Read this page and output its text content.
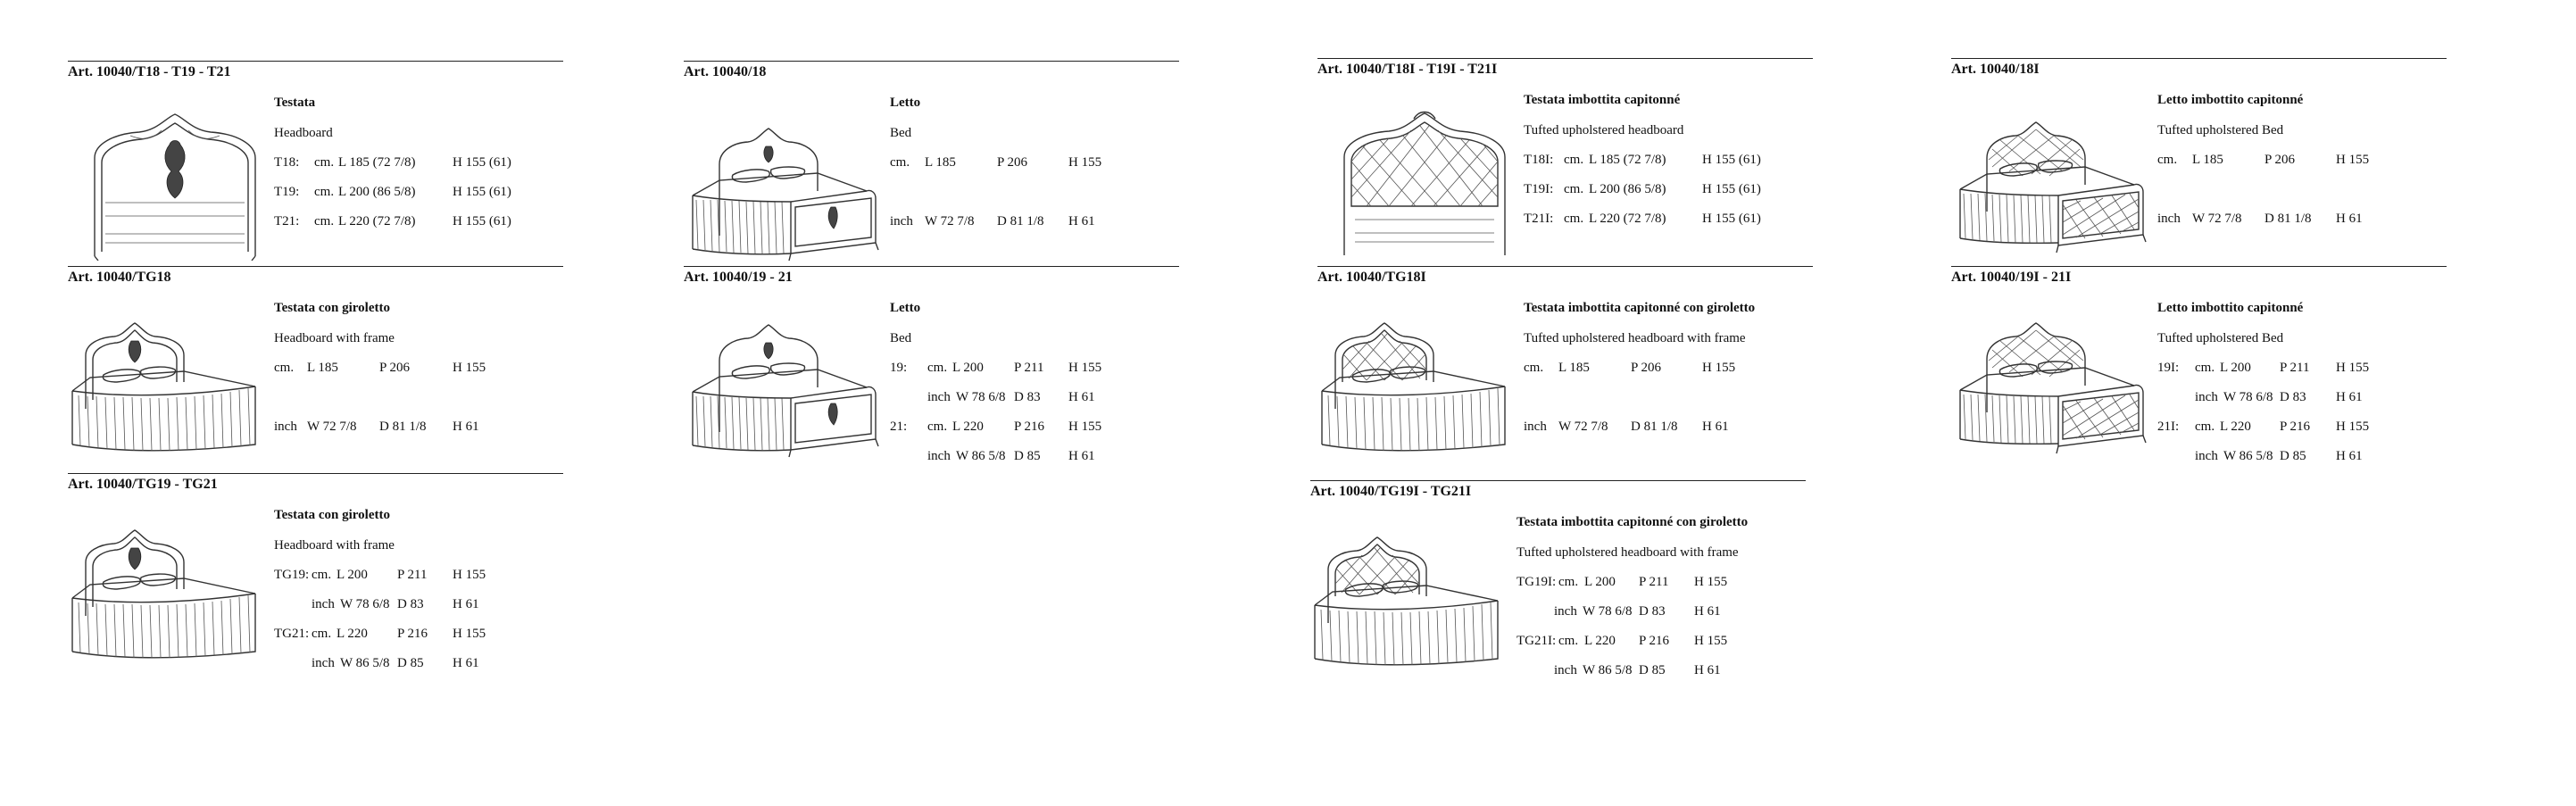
Art. 10040/T18 - T19 - T21
Testata
Headboard
T18: cm. L 185 (72 7/8)	H 155 (61)
T19: cm. L 200 (86 5/8)	H 155 (61)
T21: cm. L 220 (72 7/8)	H 155 (61)
Art. 10040/TG18
Testata con giroletto
Headboard with frame
cm. L 185	P 206	H 155
inch W 72 7/8 D 81 1/8 H 61
Art. 10040/TG19 - TG21
Testata con giroletto
Headboard with frame
TG19: cm. L 200 P 211 H 155
inch W 78 6/8 D 83 H 61
TG21: cm. L 220 P 216 H 155
inch W 86 5/8 D 85 H 61
Art. 10040/18
Letto
Bed
cm. L 185	P 206	H 155
inch W 72 7/8 D 81 1/8 H 61
Art. 10040/19 - 21
Letto
Bed
19: cm. L 200 P 211 H 155
inch W 78 6/8 D 83 H 61
21: cm. L 220 P 216 H 155
inch W 86 5/8 D 85 H 61
Art. 10040/T18I - T19I - T21I
Testata imbottita capitonné
Tufted upholstered headboard
T18I: cm. L 185 (72 7/8)	H 155 (61)
T19I: cm. L 200 (86 5/8)	H 155 (61)
T21I: cm. L 220 (72 7/8)	H 155 (61)
Art. 10040/TG18I
Testata imbottita capitonné con giroletto
Tufted upholstered headboard with frame
cm. L 185	P 206	H 155
inch W 72 7/8 D 81 1/8 H 61
Art. 10040/TG19I - TG21I
Testata imbottita capitonné con giroletto
Tufted upholstered headboard with frame
TG19I: cm. L 200 P 211 H 155
inch W 78 6/8 D 83 H 61
TG21I: cm. L 220 P 216 H 155
inch W 86 5/8 D 85 H 61
Art. 10040/18I
Letto imbottito capitonné
Tufted upholstered Bed
cm. L 185	P 206	H 155
inch W 72 7/8 D 81 1/8 H 61
Art. 10040/19I - 21I
Letto imbottito capitonné
Tufted upholstered Bed
19I: cm. L 200 P 211 H 155
inch W 78 6/8 D 83 H 61
21I: cm. L 220 P 216 H 155
inch W 86 5/8 D 85 H 61
